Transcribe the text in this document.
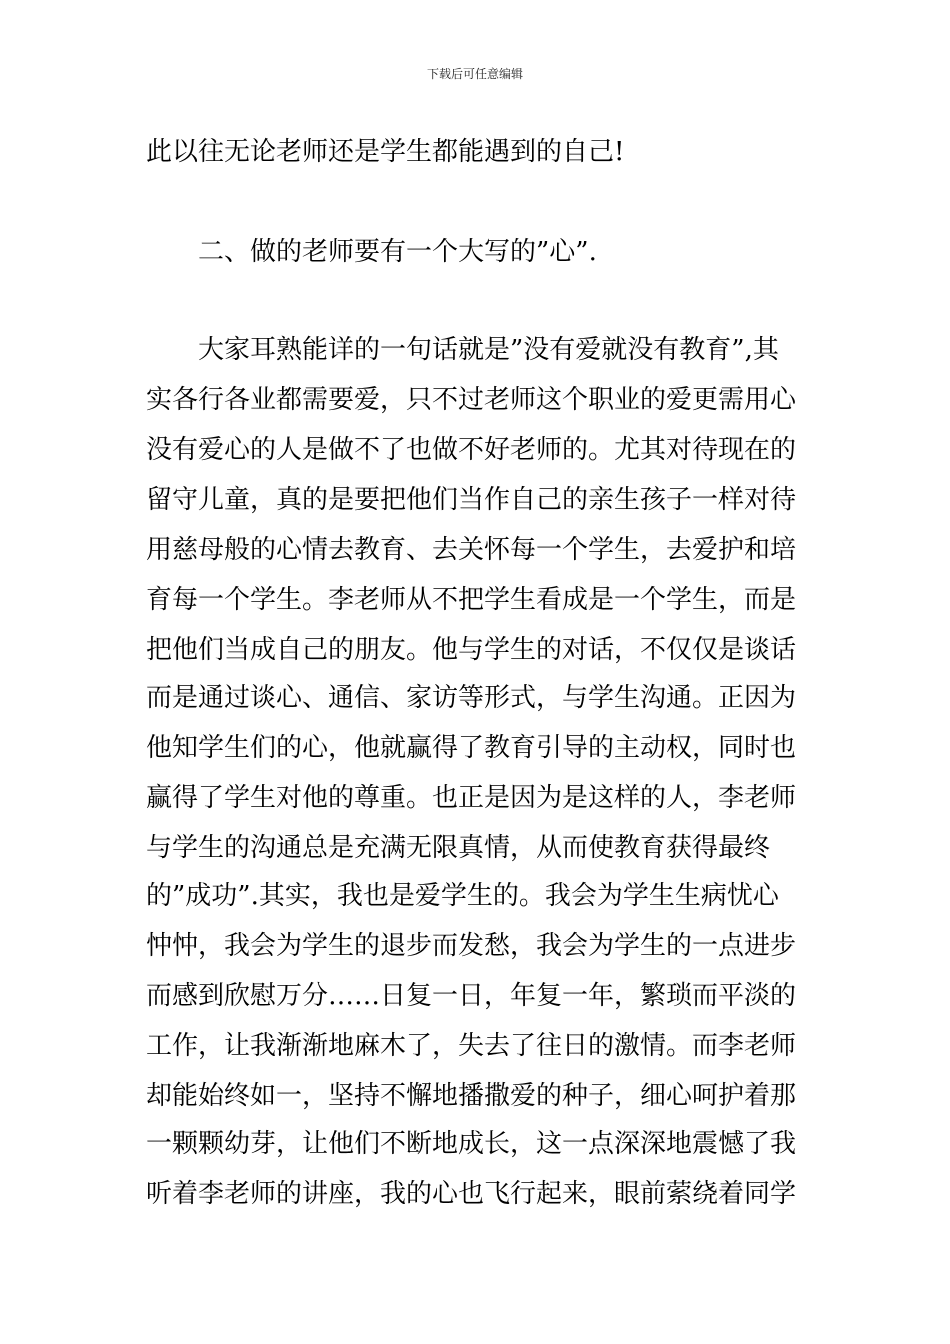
下载后可任意编辑
此以往无论老师还是学生都能遇到的自己!
二、做的老师要有一个大写的”心”.
大家耳熟能详的一句话就是”没有爱就没有教育”,其
实各行各业都需要爱，只不过老师这个职业的爱更需用心
没有爱心的人是做不了也做不好老师的。尤其对待现在的
留守儿童，真的是要把他们当作自己的亲生孩子一样对待
用慈母般的心情去教育、去关怀每一个学生，去爱护和培
育每一个学生。李老师从不把学生看成是一个学生，而是
把他们当成自己的朋友。他与学生的对话，不仅仅是谈话
而是通过谈心、通信、家访等形式，与学生沟通。正因为
他知学生们的心，他就赢得了教育引导的主动权，同时也
赢得了学生对他的尊重。也正是因为是这样的人，李老师
与学生的沟通总是充满无限真情，从而使教育获得最终
的”成功”.其实，我也是爱学生的。我会为学生生病忧心
忡忡，我会为学生的退步而发愁，我会为学生的一点进步
而感到欣慰万分……日复一日，年复一年，繁琐而平淡的
工作，让我渐渐地麻木了，失去了往日的激情。而李老师
却能始终如一，坚持不懈地播撒爱的种子，细心呵护着那
一颗颗幼芽，让他们不断地成长，这一点深深地震憾了我
听着李老师的讲座，我的心也飞行起来，眼前萦绕着同学
